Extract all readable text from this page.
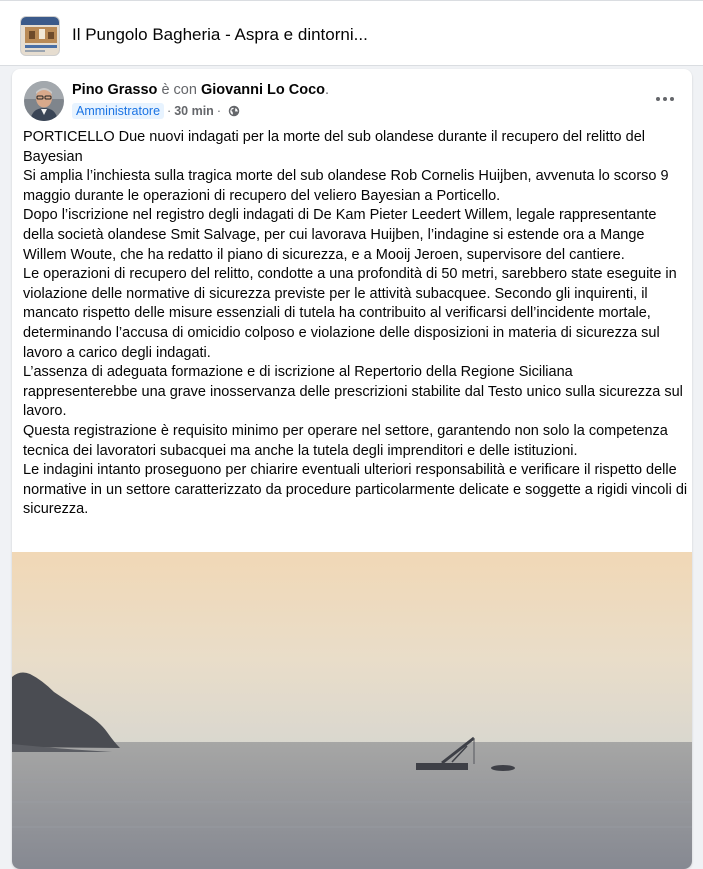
Il Pungolo Bagheria - Aspra e dintorni...
Pino Grasso è con Giovanni Lo Coco.
Amministratore · 30 min ·

PORTICELLO Due nuovi indagati per la morte del sub olandese durante il recupero del relitto del Bayesian

Si amplia l’inchiesta sulla tragica morte del sub olandese Rob Cornelis Huijben, avvenuta lo scorso 9 maggio durante le operazioni di recupero del veliero Bayesian a Porticello.

Dopo l’iscrizione nel registro degli indagati di De Kam Pieter Leedert Willem, legale rappresentante della società olandese Smit Salvage, per cui lavorava Huijben, l’indagine si estende ora a Mange Willem Woute, che ha redatto il piano di sicurezza, e a Mooij Jeroen, supervisore del cantiere.

Le operazioni di recupero del relitto, condotte a una profondità di 50 metri, sarebbero state eseguite in violazione delle normative di sicurezza previste per le attività subacquee. Secondo gli inquirenti, il mancato rispetto delle misure essenziali di tutela ha contribuito al verificarsi dell’incidente mortale, determinando l’accusa di omicidio colposo e violazione delle disposizioni in materia di sicurezza sul lavoro a carico degli indagati.

L’assenza di adeguata formazione e di iscrizione al Repertorio della Regione Siciliana rappresenterebbe una grave inosservanza delle prescrizioni stabilite dal Testo unico sulla sicurezza sul lavoro.

Questa registrazione è requisito minimo per operare nel settore, garantendo non solo la competenza tecnica dei lavoratori subacquei ma anche la tutela degli imprenditori e delle istituzioni.

Le indagini intanto proseguono per chiarire eventuali ulteriori responsabilità e verificare il rispetto delle normative in un settore caratterizzato da procedure particolarmente delicate e soggette a rigidi vincoli di sicurezza.
